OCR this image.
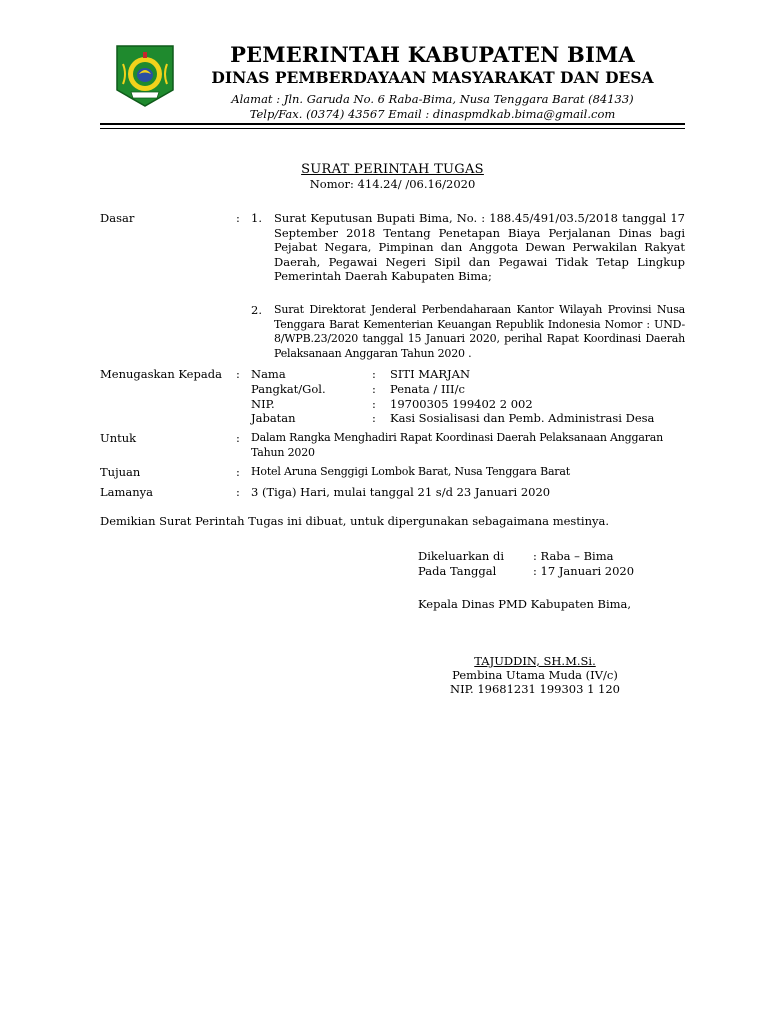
PEMERINTAH KABUPATEN BIMA
DINAS PEMBERDAYAAN MASYARAKAT DAN DESA
Alamat : Jln. Garuda No. 6 Raba-Bima, Nusa Tenggara Barat (84133)
Telp/Fax. (0374) 43567 Email : dinaspmdkab.bima@gmail.com
SURAT PERINTAH TUGAS
Nomor: 414.24/ /06.16/2020
Dasar	: 1. Surat Keputusan Bupati Bima, No. : 188.45/491/03.5/2018 tanggal 17 September 2018 Tentang Penetapan Biaya Perjalanan Dinas bagi Pejabat Negara, Pimpinan dan Anggota Dewan Perwakilan Rakyat Daerah, Pegawai Negeri Sipil dan Pegawai Tidak Tetap Lingkup Pemerintah Daerah Kabupaten Bima;
2. Surat Direktorat Jenderal Perbendaharaan Kantor Wilayah Provinsi Nusa Tenggara Barat Kementerian Keuangan Republik Indonesia Nomor : UND-8/WPB.23/2020 tanggal 15 Januari 2020, perihal Rapat Koordinasi Daerah Pelaksanaan Anggaran Tahun 2020 .
Menugaskan Kepada : Nama	: SITI MARJAN
Pangkat/Gol.	: Penata / III/c
NIP.	: 19700305 199402 2 002
Jabatan	: Kasi Sosialisasi dan Pemb. Administrasi Desa
Untuk	: Dalam Rangka Menghadiri Rapat Koordinasi Daerah Pelaksanaan Anggaran Tahun 2020
Tujuan	: Hotel Aruna Senggigi Lombok Barat, Nusa Tenggara Barat
Lamanya	: 3 (Tiga) Hari, mulai tanggal 21 s/d 23 Januari 2020
Demikian Surat Perintah Tugas ini dibuat, untuk dipergunakan sebagaimana mestinya.
Dikeluarkan di	: Raba – Bima
Pada Tanggal	: 17 Januari 2020
Kepala Dinas PMD Kabupaten Bima,
TAJUDDIN, SH.M.Si.
Pembina Utama Muda (IV/c)
NIP. 19681231 199303 1 120
